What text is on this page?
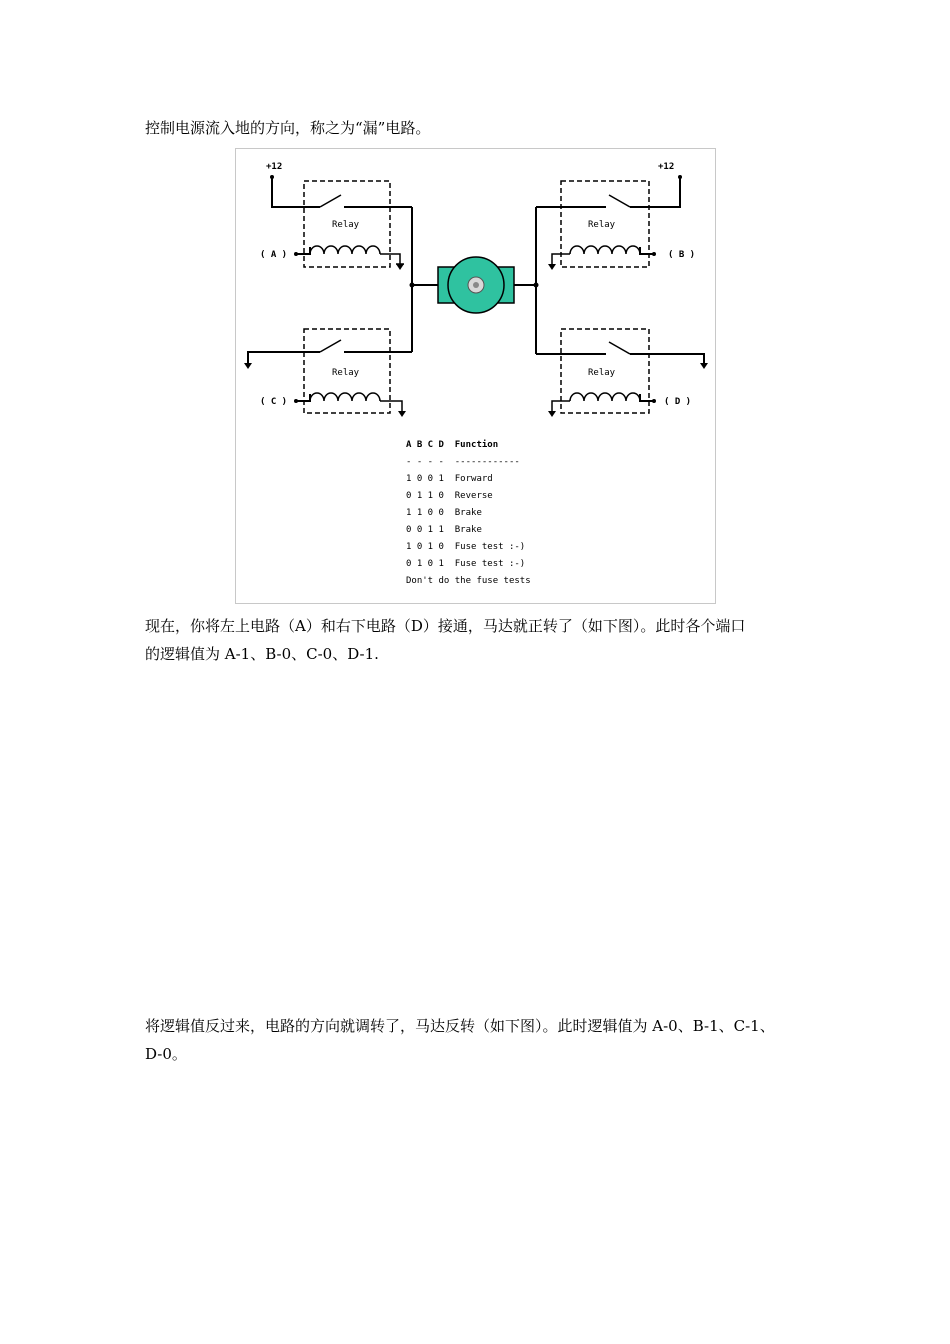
控制电源流入地的方向，称之为“漏”电路。

+12	+12
Relay
Relay
Relay
Relay
( A )
( C )
( B )
( D )
A B C D  Function
- - - -  ------------
1 0 0 1  Forward
0 1 1 0  Reverse
1 1 0 0  Brake
0 0 1 1  Brake
1 0 1 0  Fuse test :-)
0 1 0 1  Fuse test :-)
Don't do the fuse tests
现在，你将左上电路（A）和右下电路（D）接通，马达就正转了（如下图）。此时各个端口
的逻辑值为 A-1、B-0、C-0、D-1.
将逻辑值反过来，电路的方向就调转了，马达反转（如下图）。此时逻辑值为 A-0、B-1、C-1、
D-0。
